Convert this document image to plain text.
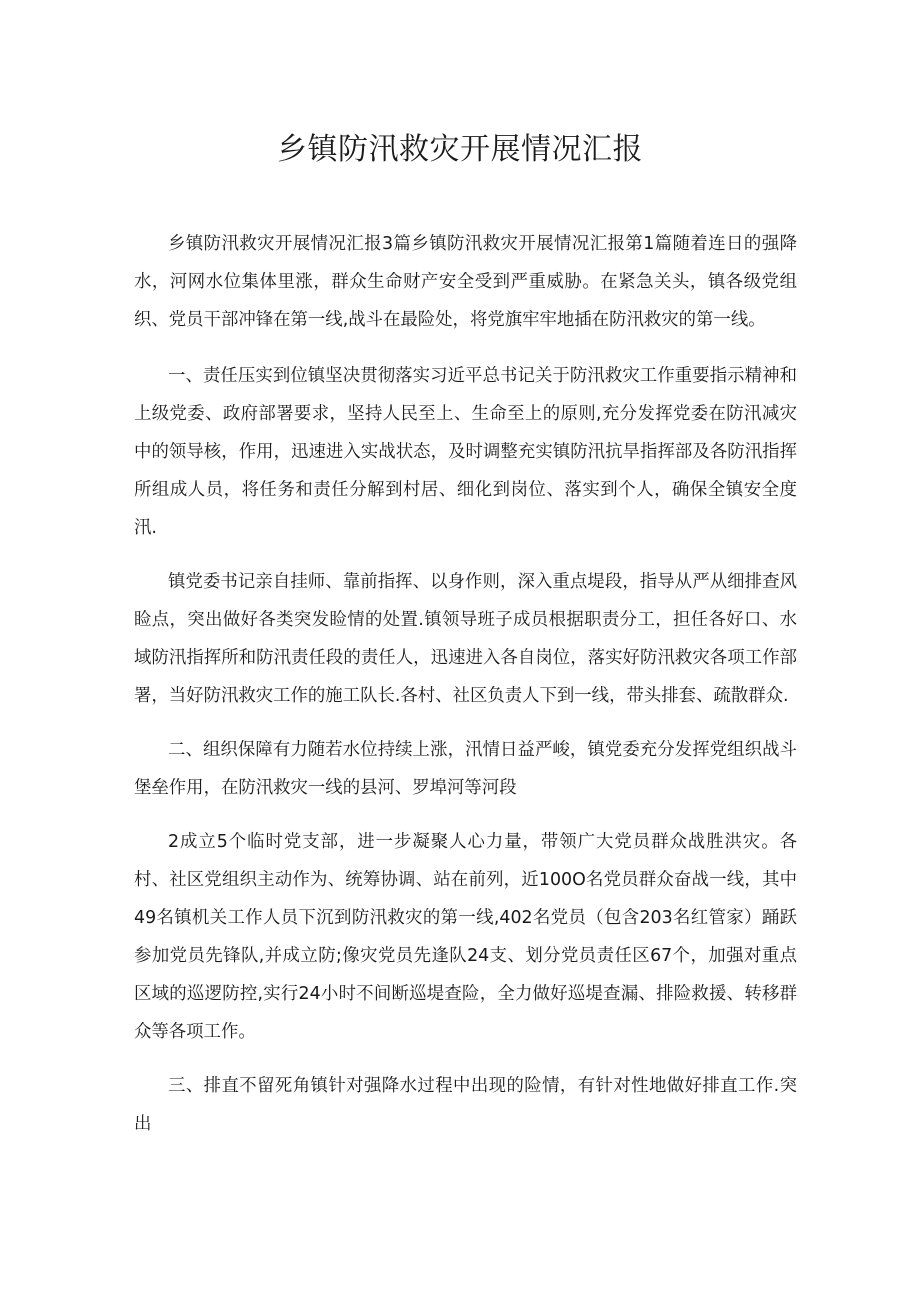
乡镇防汛救灾开展情况汇报

乡镇防汛救灾开展情况汇报3篇乡镇防汛救灾开展情况汇报第1篇随着连日的强降水，河网水位集体里涨，群众生命财产安全受到严重威胁。在紧急关头，镇各级党组织、党员干部冲锋在第一线,战斗在最险处，将党旗牢牢地插在防汛救灾的第一线。

一、责任压实到位镇坚决贯彻落实习近平总书记关于防汛救灾工作重要指示精神和上级党委、政府部署要求，坚持人民至上、生命至上的原则,充分发挥党委在防汛减灾中的领导核，作用，迅速进入实战状态，及时调整充实镇防汛抗旱指挥部及各防汛指挥所组成人员，将任务和责任分解到村居、细化到岗位、落实到个人，确保全镇安全度汛.

镇党委书记亲自挂师、靠前指挥、以身作则，深入重点堤段，指导从严从细排查风睑点，突出做好各类突发睑情的处置.镇领导班子成员根据职责分工，担任各好口、水域防汛指挥所和防汛责任段的责任人，迅速进入各自岗位，落实好防汛救灾各项工作部署，当好防汛救灾工作的施工队长.各村、社区负责人下到一线，带头排套、疏散群众.

二、组织保障有力随若水位持续上涨，汛情日益严峻，镇党委充分发挥党组织战斗堡垒作用，在防汛救灾一线的县河、罗埠河等河段

2成立5个临时党支部，进一步凝聚人心力量，带领广大党员群众战胜洪灾。各村、社区党组织主动作为、统筹协调、站在前列，近100O名党员群众奋战一线，其中49名镇机关工作人员下沉到防汛救灾的第一线,402名党员（包含203名红管家）踊跃参加党员先锋队,并成立防;像灾党员先逢队24支、划分党员责任区67个，加强对重点区域的巡逻防控,实行24小时不间断巡堤查险，全力做好巡堤查漏、排险救援、转移群众等各项工作。

三、排直不留死角镇针对强降水过程中出现的险情，有针对性地做好排直工作.突出
